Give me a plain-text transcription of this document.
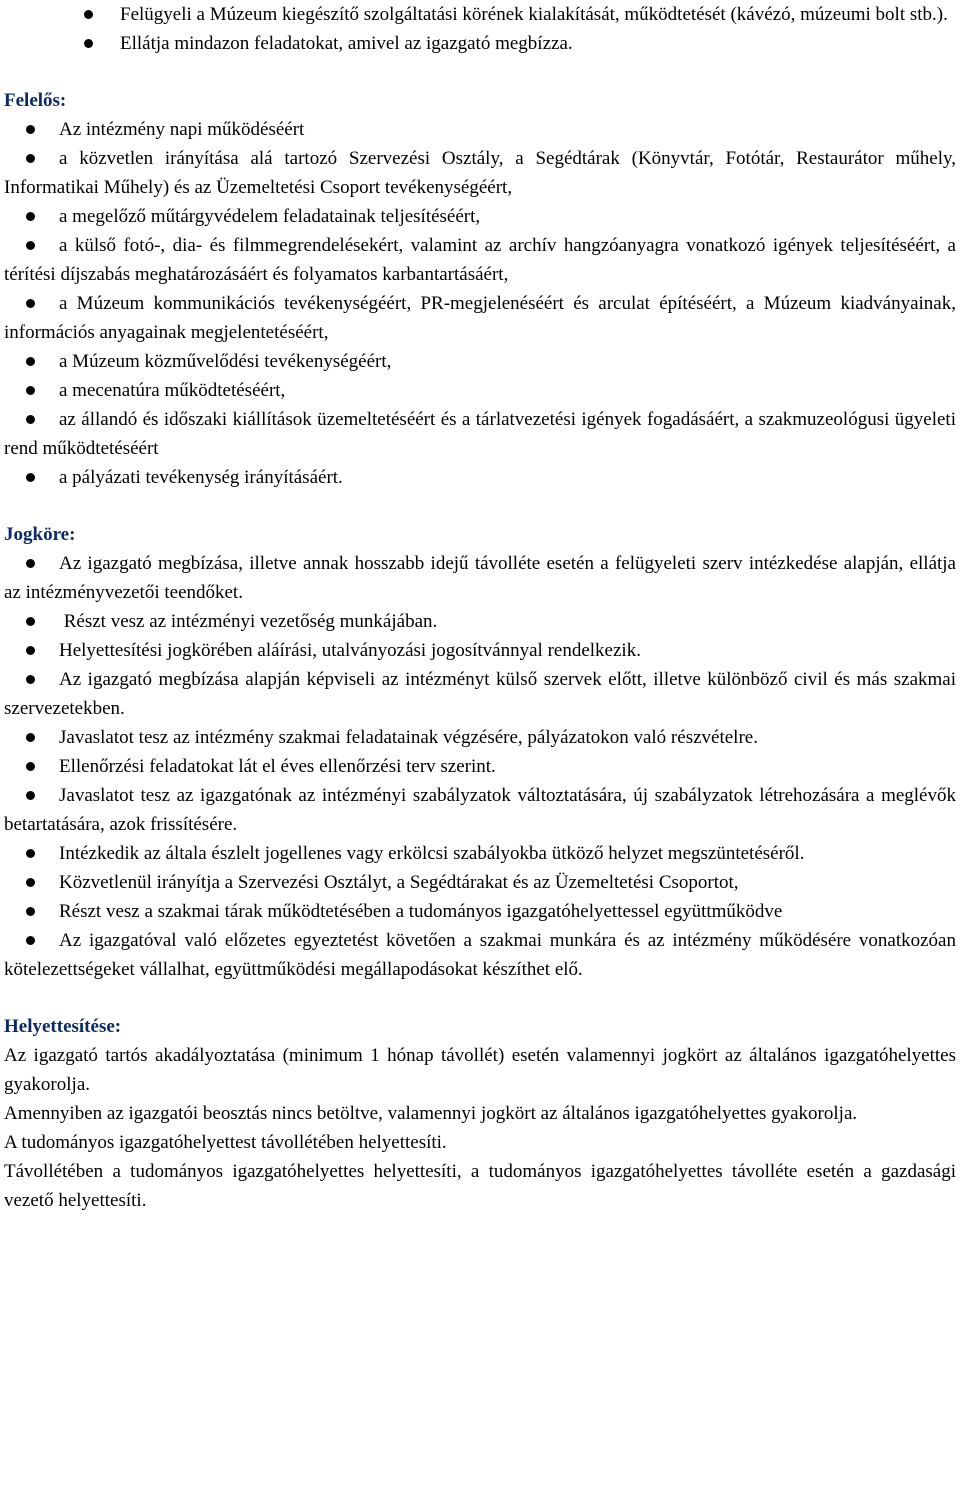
Felügyeli a Múzeum kiegészítő szolgáltatási körének kialakítását, működtetését (kávézó, múzeumi bolt stb.).

Ellátja mindazon feladatokat, amivel az igazgató megbízza.

Felelős:

Az intézmény napi működéséért

a közvetlen irányítása alá tartozó Szervezési Osztály, a Segédtárak (Könyvtár, Fotótár, Restaurátor műhely, Informatikai Műhely) és az Üzemeltetési Csoport tevékenységéért,

a megelőző műtárgyvédelem feladatainak teljesítéséért,

a külső fotó-, dia- és filmmegrendelésekért, valamint az archív hangzóanyagra vonatkozó igények teljesítéséért, a térítési díjszabás meghatározásáért és folyamatos karbantartásáért,

a Múzeum kommunikációs tevékenységéért, PR-megjelenéséért és arculat építéséért, a Múzeum kiadványainak, információs anyagainak megjelentetéséért,

a Múzeum közművelődési tevékenységéért,

a mecenatúra működtetéséért,

az állandó és időszaki kiállítások üzemeltetéséért és a tárlatvezetési igények fogadásáért, a szakmuzeológusi ügyeleti rend működtetéséért

a pályázati tevékenység irányításáért.

Jogköre:

Az igazgató megbízása, illetve annak hosszabb idejű távolléte esetén a felügyeleti szerv intézkedése alapján, ellátja az intézményvezetői teendőket.

Részt vesz az intézményi vezetőség munkájában.

Helyettesítési jogkörében aláírási, utalványozási jogosítvánnyal rendelkezik.

Az igazgató megbízása alapján képviseli az intézményt külső szervek előtt, illetve különböző civil és más szakmai szervezetekben.

Javaslatot tesz az intézmény szakmai feladatainak végzésére, pályázatokon való részvételre.

Ellenőrzési feladatokat lát el éves ellenőrzési terv szerint.

Javaslatot tesz az igazgatónak az intézményi szabályzatok változtatására, új szabályzatok létrehozására a meglévők betartatására, azok frissítésére.

Intézkedik az általa észlelt jogellenes vagy erkölcsi szabályokba ütköző helyzet megszüntetéséről.

Közvetlenül irányítja a Szervezési Osztályt, a Segédtárakat és az Üzemeltetési Csoportot,

Részt vesz a szakmai tárak működtetésében a tudományos igazgatóhelyettessel együttműködve

Az igazgatóval való előzetes egyeztetést követően a szakmai munkára és az intézmény működésére vonatkozóan kötelezettségeket vállalhat, együttműködési megállapodásokat készíthet elő.

Helyettesítése:

Az igazgató tartós akadályoztatása (minimum 1 hónap távollét) esetén valamennyi jogkört az általános igazgatóhelyettes gyakorolja.

Amennyiben az igazgatói beosztás nincs betöltve, valamennyi jogkört az általános igazgatóhelyettes gyakorolja.

A tudományos igazgatóhelyettest távollétében helyettesíti.

Távollétében a tudományos igazgatóhelyettes helyettesíti, a tudományos igazgatóhelyettes távolléte esetén a gazdasági vezető helyettesíti.
